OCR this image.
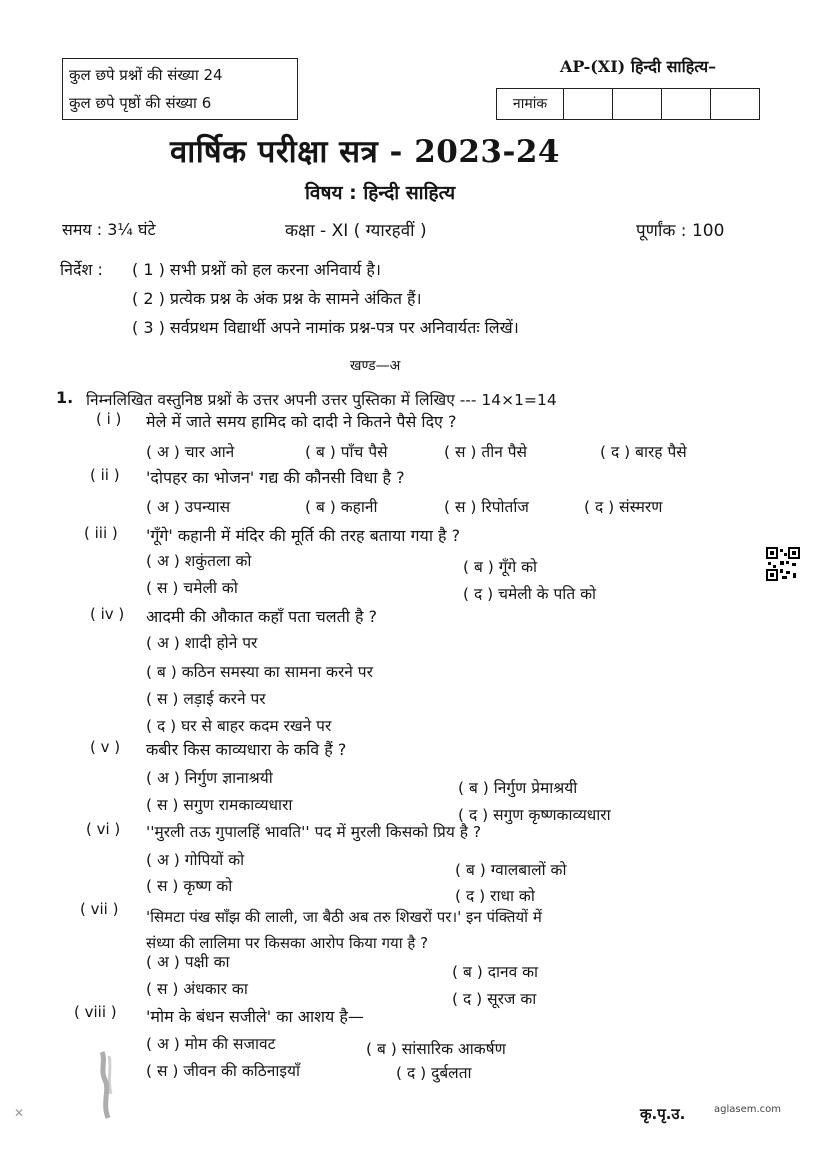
कुल छपे प्रश्नों की संख्या 24
कुल छपे पृष्ठों की संख्या 6
AP-(XI) हिन्दी साहित्य–
नामांक
वार्षिक परीक्षा सत्र - 2023-24
विषय : हिन्दी साहित्य
समय : 3¼ घंटे	कक्षा - XI ( ग्यारहवीं )	पूर्णांक : 100
निर्देश : ( 1 ) सभी प्रश्नों को हल करना अनिवार्य है।
( 2 ) प्रत्येक प्रश्न के अंक प्रश्न के सामने अंकित हैं।
( 3 ) सर्वप्रथम विद्यार्थी अपने नामांक प्रश्न-पत्र पर अनिवार्यतः लिखें।
खण्ड—अ
1. निम्नलिखित वस्तुनिष्ठ प्रश्नों के उत्तर अपनी उत्तर पुस्तिका में लिखिए --- 14×1=14
( i ) मेले में जाते समय हामिद को दादी ने कितने पैसे दिए ?
( अ ) चार आने	( ब ) पाँच पैसे	( स ) तीन पैसे	( द ) बारह पैसे
( ii ) 'दोपहर का भोजन' गद्य की कौनसी विधा है ?
( अ ) उपन्यास	( ब ) कहानी	( स ) रिपोर्ताज	( द ) संस्मरण
( iii ) 'गूँगे' कहानी में मंदिर की मूर्ति की तरह बताया गया है ?
( अ ) शकुंतला को	( ब ) गूँगे को
( स ) चमेली को	( द ) चमेली के पति को
( iv ) आदमी की औकात कहाँ पता चलती है ?
( अ ) शादी होने पर
( ब ) कठिन समस्या का सामना करने पर
( स ) लड़ाई करने पर
( द ) घर से बाहर कदम रखने पर
( v ) कबीर किस काव्यधारा के कवि हैं ?
( अ ) निर्गुण ज्ञानाश्रयी
( ब ) निर्गुण प्रेमाश्रयी
( स ) सगुण रामकाव्यधारा
( द ) सगुण कृष्णकाव्यधारा
( vi ) ''मुरली तऊ गुपालहिं भावति'' पद में मुरली किसको प्रिय है ?
( अ ) गोपियों को
( ब ) ग्वालबालों को
( स ) कृष्ण को
( द ) राधा को
( vii ) 'सिमटा पंख साँझ की लाली, जा बैठी अब तरु शिखरों पर।' इन पंक्तियों में
संध्या की लालिमा पर किसका आरोप किया गया है ?
( अ ) पक्षी का
( ब ) दानव का
( स ) अंधकार का
( द ) सूरज का
( viii ) 'मोम के बंधन सजीले' का आशय है—
( अ ) मोम की सजावट	( ब ) सांसारिक आकर्षण
( स ) जीवन की कठिनाइयाँ	( द ) दुर्बलता
✕	कृ.पृ.उ.	aglasem.com
